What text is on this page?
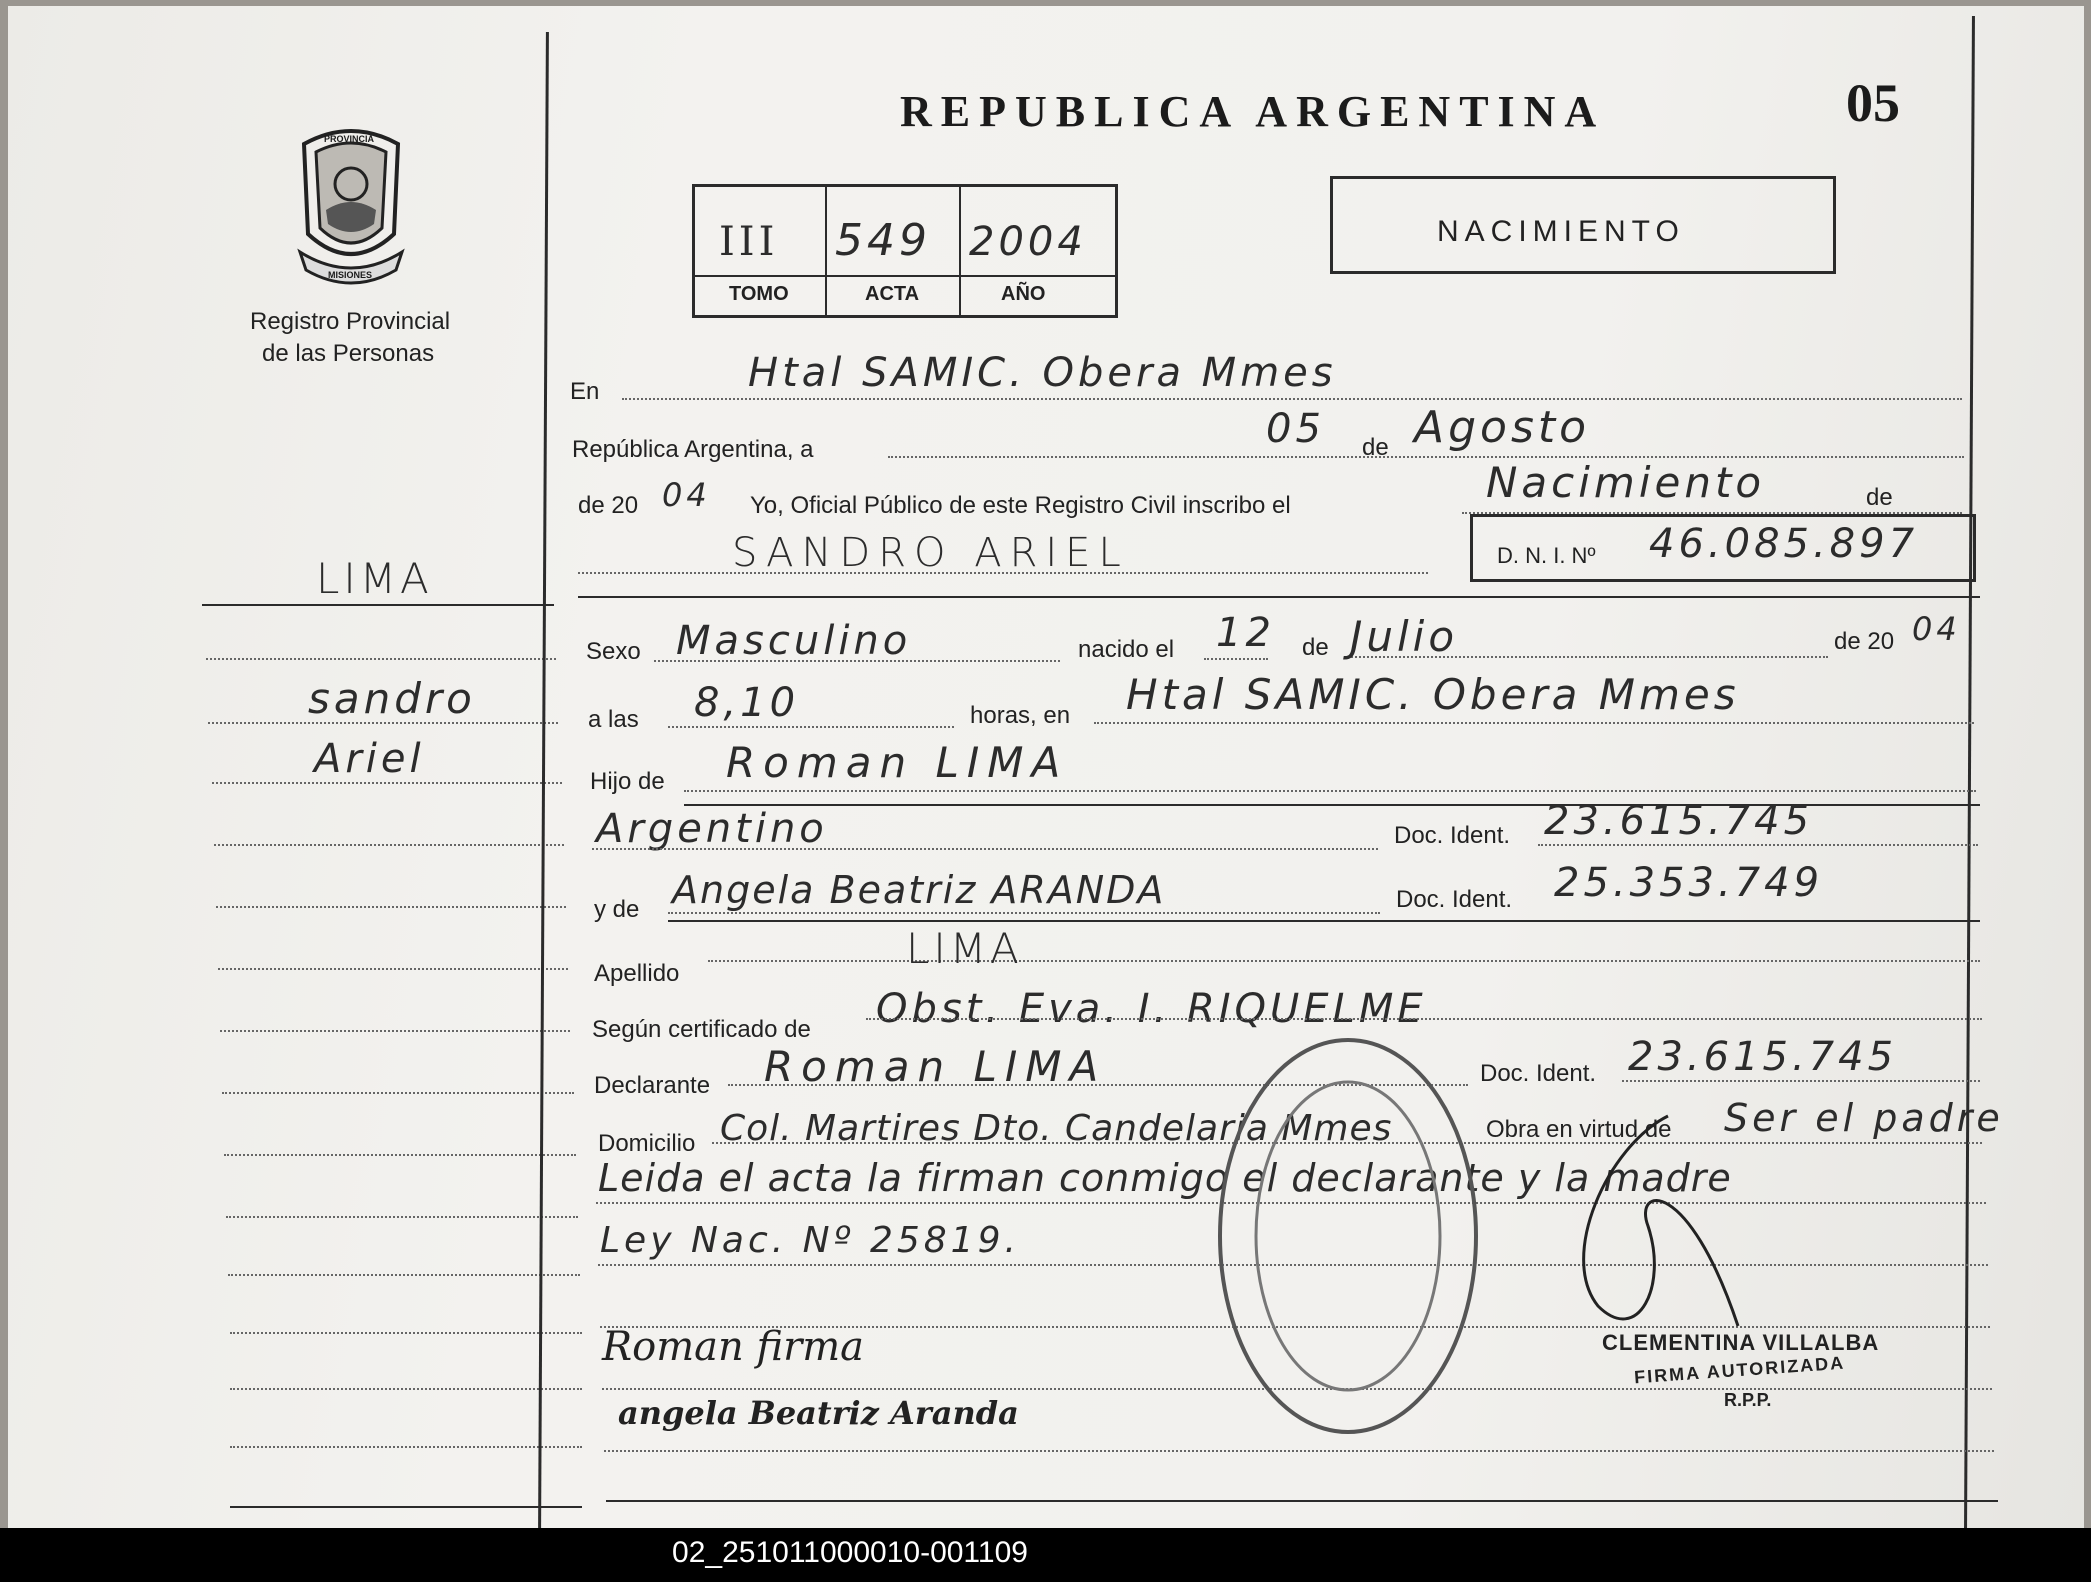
PROVINCIA
MISIONES
Registro Provincial
de las Personas
LIMA
sandro
Ariel
REPUBLICA ARGENTINA	05
III 549 2004
TOMO	ACTA	AÑO
NACIMIENTO
En	Htal SAMIC. Obera Mmes
República Argentina, a	05 de Agosto
de 20 04 Yo, Oficial Público de este Registro Civil inscribo el	Nacimiento	de
SANDRO ARIEL	D. N. I. Nº 46.085.897
Sexo Masculino	nacido el 12 de Julio	de 20 04
a las 8,10	horas, en Htal SAMIC. Obera Mmes
Hijo de Roman LIMA
Argentino	Doc. Ident. 23.615.745
y de Angela Beatriz ARANDA	Doc. Ident. 25.353.749
Apellido
LIMA
Según certificado de Obst. Eva. I. RIQUELME
Declarante Roman LIMA	Doc. Ident. 23.615.745
Domicilio Col. Martires Dto. Candelaria Mmes	Obra en virtud de Ser el padre
Leida el acta la firman conmigo el declarante y la madre
Ley Nac. Nº 25819.
Roman firma
angela Beatriz Aranda
CLEMENTINA VILLALBA
FIRMA AUTORIZADA
R.P.P.
02_251011000010-001109
